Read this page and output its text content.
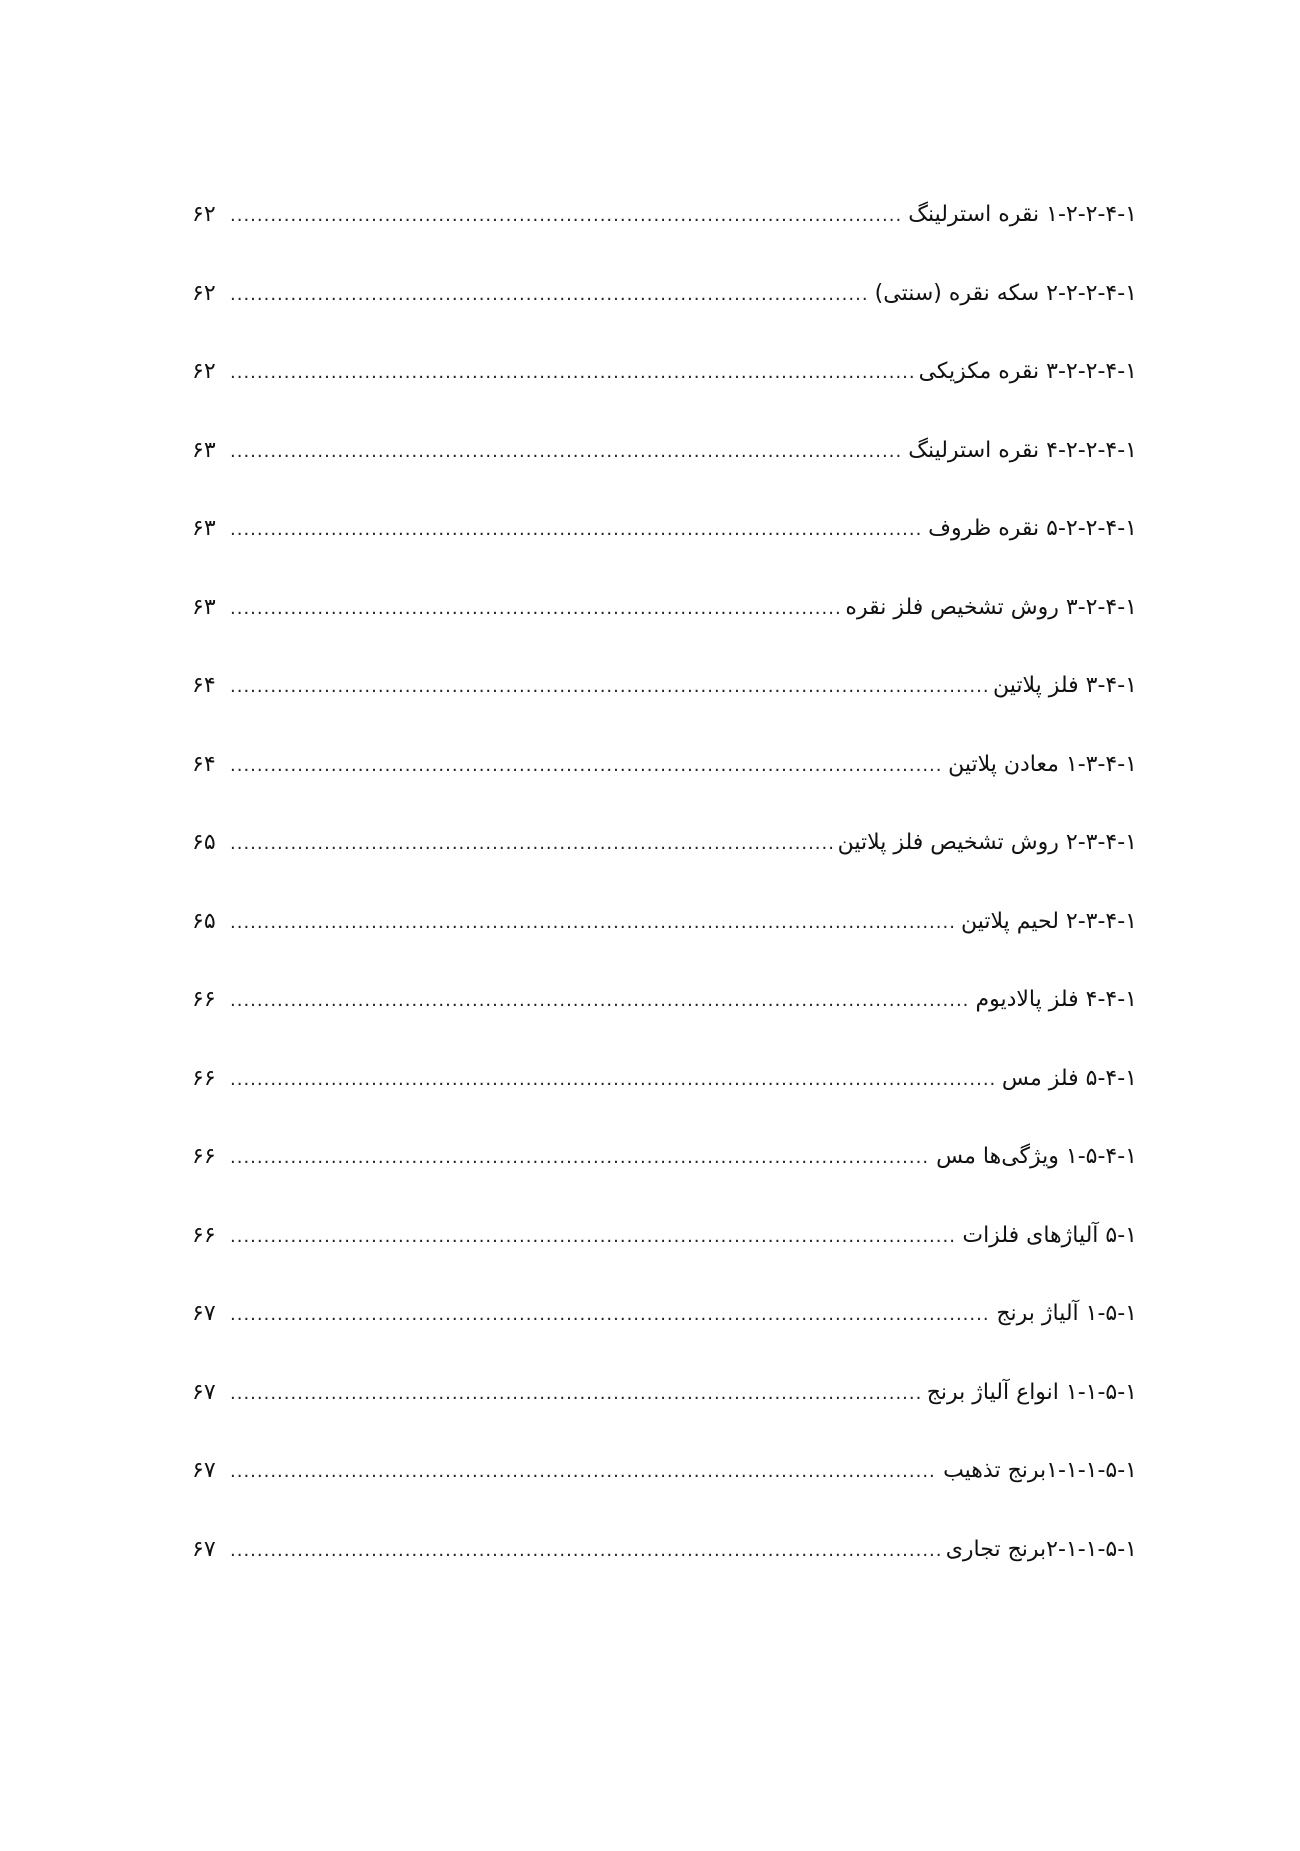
۱-۲-۲-۴-۱ نقره استرلینگ
.....
۶۲
۲-۲-۲-۴-۱ سکه نقره (سنتی)
.....
۶۲
۳-۲-۲-۴-۱ نقره مکزیکی
.....
۶۲
۴-۲-۲-۴-۱ نقره استرلینگ
.....
۶۳
۵-۲-۲-۴-۱ نقره ظروف
.....
۶۳
۳-۲-۴-۱ روش تشخیص فلز نقره
.....
۶۳
۳-۴-۱ فلز پلاتین
.....
۶۴
۱-۳-۴-۱ معادن پلاتین
.....
۶۴
۲-۳-۴-۱ روش تشخیص فلز پلاتین
.....
۶۵
۲-۳-۴-۱ لحیم پلاتین
.....
۶۵
۴-۴-۱ فلز پالادیوم
.....
۶۶
۵-۴-۱ فلز مس
.....
۶۶
۱-۵-۴-۱ ویژگی‌ها مس
.....
۶۶
۵-۱ آلیاژهای فلزات
.....
۶۶
۱-۵-۱ آلیاژ برنج
.....
۶۷
۱-۱-۵-۱ انواع آلیاژ برنج
.....
۶۷
۱-۱-۱-۵-۱برنج تذهیب
.....
۶۷
۲-۱-۱-۵-۱برنج تجاری
.....
۶۷
